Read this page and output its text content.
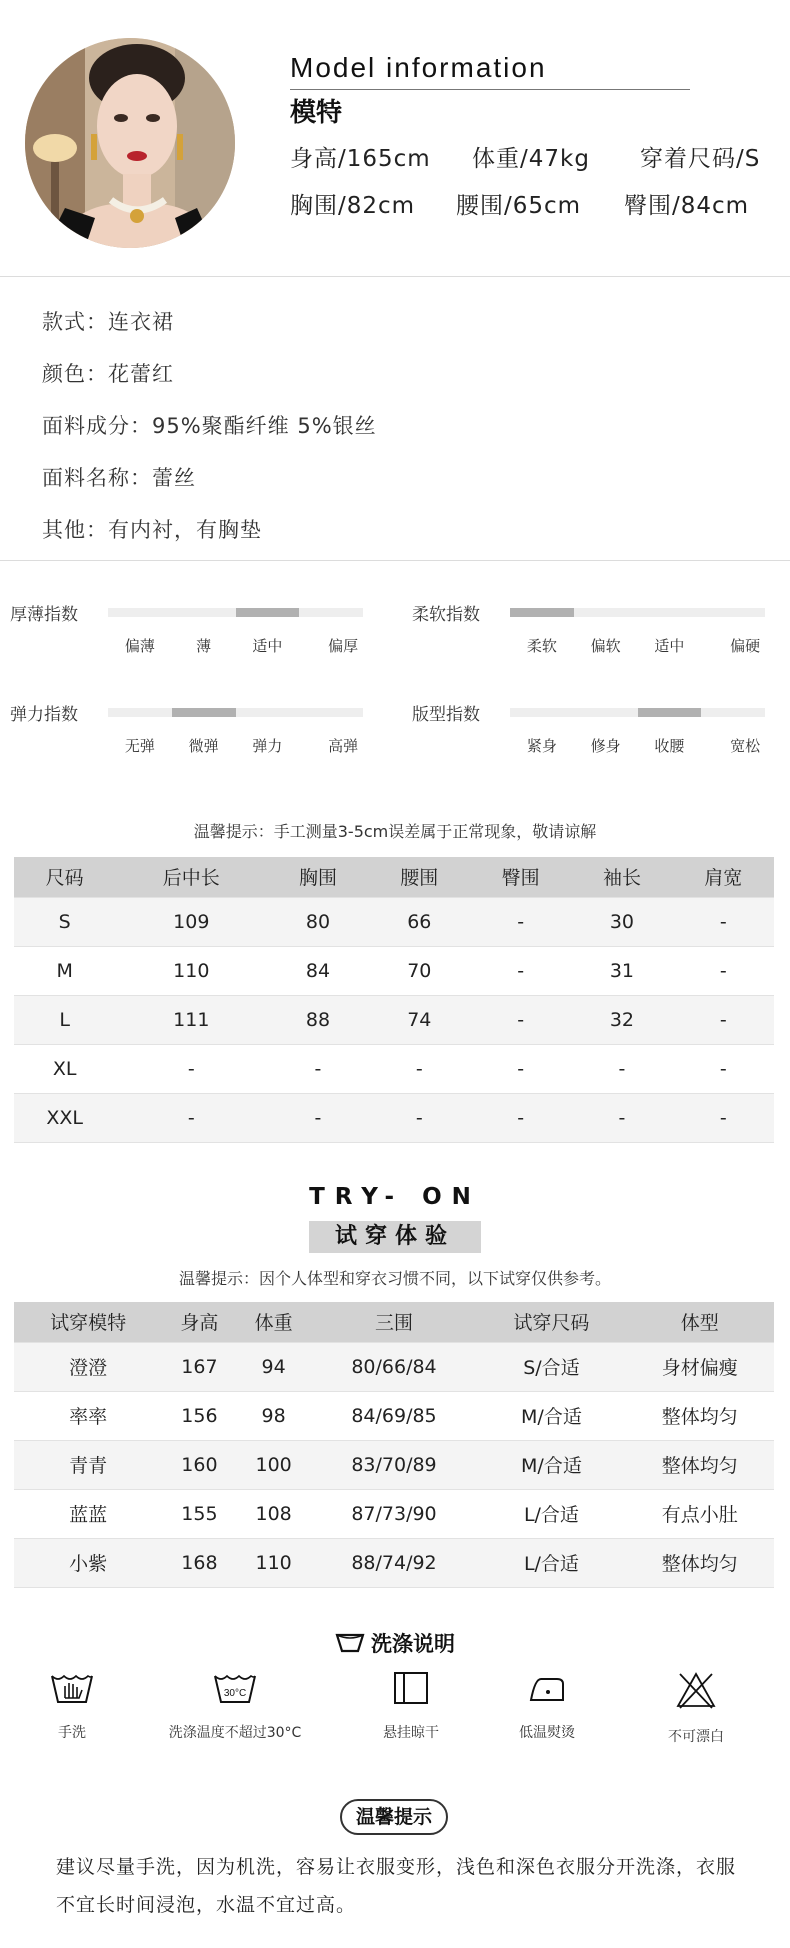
Model information
模特
身高/165cm 体重/47kg 穿着尺码/S
胸围/82cm 腰围/65cm 臀围/84cm
款式：连衣裙
颜色：花蕾红
面料成分：95%聚酯纤维 5%银丝
面料名称：蕾丝
其他：有内衬，有胸垫
厚薄指数
偏薄	薄	适中	偏厚
柔软指数
柔软 偏软 适中	偏硬
弹力指数
无弹 微弹 弹力	高弹
版型指数
紧身 修身 收腰	宽松
温馨提示：手工测量3-5cm误差属于正常现象，敬请谅解
尺码	后中长	胸围	腰围	臀围	袖长	肩宽
S	109	80	66	-	30	-
M	110	84	70	-	31	-
L	111	88	74	-	32	-
XL	-	-	-	-	-	-
XXL	-	-	-	-	-	-
TRY- ON
试穿体验
温馨提示：因个人体型和穿衣习惯不同，以下试穿仅供参考。
试穿模特	身高	体重	三围	试穿尺码	体型
澄澄	167	94	80/66/84	S/合适	身材偏瘦
率率	156	98	84/69/85	M/合适	整体均匀
青青	160	100	83/70/89	M/合适	整体均匀
蓝蓝	155	108	87/73/90	L/合适	有点小肚
小紫	168	110	88/74/92	L/合适	整体均匀
洗涤说明
手洗
30°C
洗涤温度不超过30°C	悬挂晾干	低温熨烫	不可漂白
温馨提示
建议尽量手洗，因为机洗，容易让衣服变形，浅色和深色衣服分开洗涤，衣服不宜长时间浸泡，水温不宜过高。
